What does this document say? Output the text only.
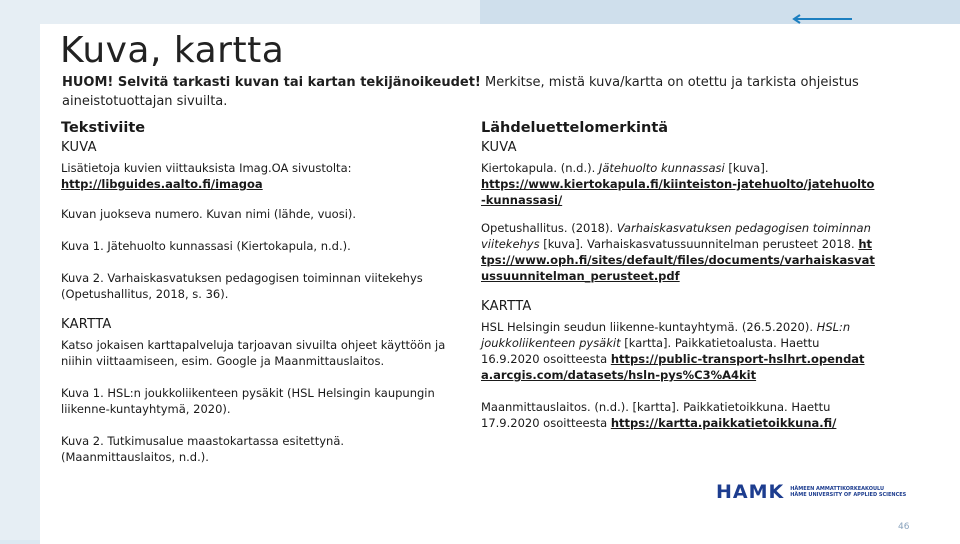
Kuva, kartta
HUOM! Selvitä tarkasti kuvan tai kartan tekijänoikeudet! Merkitse, mistä kuva/kartta on otettu ja tarkista ohjeistus aineistotuottajan sivuilta.
Tekstiviite
KUVA

Lisätietoja kuvien viittauksista Imag.OA sivustolta:

http://libguides.aalto.fi/imagoa

Kuvan juokseva numero. Kuvan nimi (lähde, vuosi).

Kuva 1. Jätehuolto kunnassasi (Kiertokapula, n.d.).

Kuva 2. Varhaiskasvatuksen pedagogisen toiminnan viitekehys (Opetushallitus, 2018, s. 36).

KARTTA

Katso jokaisen karttapalveluja tarjoavan sivuilta ohjeet käyttöön ja niihin viittaamiseen, esim. Google ja Maanmittauslaitos.

Kuva 1. HSL:n joukkoliikenteen pysäkit (HSL Helsingin kaupungin liikenne-kuntayhtymä, 2020).

Kuva 2. Tutkimusalue maastokartassa esitettynä. (Maanmittauslaitos, n.d.).

Lähdeluettelomerkintä
KUVA

Kiertokapula. (n.d.). Jätehuolto kunnassasi [kuva].
https://www.kiertokapula.fi/kiinteiston-jatehuolto/jatehuolto-kunnassasi/

Opetushallitus. (2018). Varhaiskasvatuksen pedagogisen toiminnan viitekehys [kuva]. Varhaiskasvatussuunnitelman perusteet 2018. https://www.oph.fi/sites/default/files/documents/varhaiskasvatussuunnitelman_perusteet.pdf

KARTTA

HSL Helsingin seudun liikenne-kuntayhtymä. (26.5.2020). HSL:n joukkoliikenteen pysäkit [kartta]. Paikkatietoalusta. Haettu 16.9.2020 osoitteesta https://public-transport-hslhrt.opendata.arcgis.com/datasets/hsln-pys%C3%A4kit

Maanmittauslaitos. (n.d.). [kartta]. Paikkatietoikkuna. Haettu 17.9.2020 osoitteesta https://kartta.paikkatietoikkuna.fi/

HAMK HÄMEEN AMMATTIKORKEAKOULU
HÄME UNIVERSITY OF APPLIED SCIENCES
46
